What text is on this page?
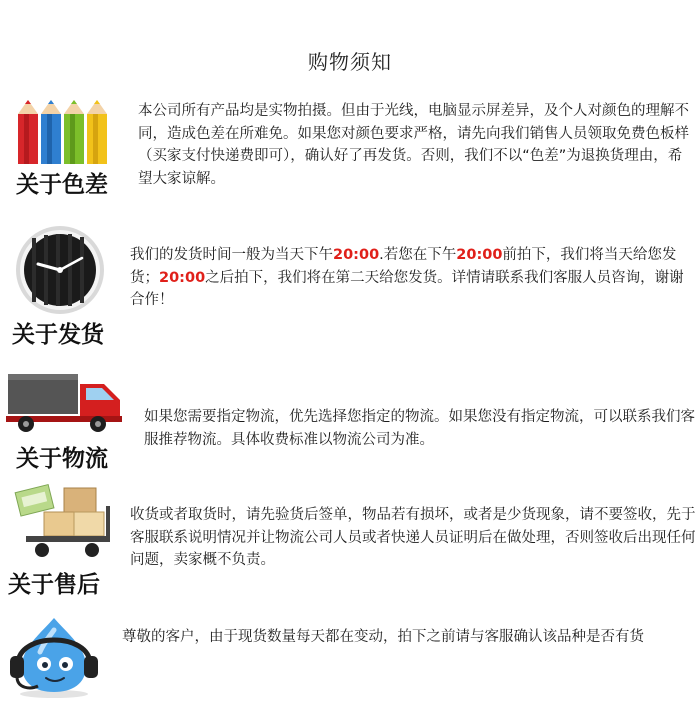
购物须知
关于色差
本公司所有产品均是实物拍摄。但由于光线，电脑显示屏差异，及个人对颜色的理解不同，造成色差在所难免。如果您对颜色要求严格，请先向我们销售人员领取免费色板样（买家支付快递费即可），确认好了再发货。否则，我们不以“色差”为退换货理由，希望大家谅解。
关于发货
我们的发货时间一般为当天下午20:00.若您在下午20:00前拍下，我们将当天给您发货；20:00之后拍下，我们将在第二天给您发货。详情请联系我们客服人员咨询，谢谢合作！
关于物流
如果您需要指定物流，优先选择您指定的物流。如果您没有指定物流，可以联系我们客服推荐物流。具体收费标准以物流公司为准。
关于售后
收货或者取货时，请先验货后签单，物品若有损坏，或者是少货现象，请不要签收，先于客服联系说明情况并让物流公司人员或者快递人员证明后在做处理，否则签收后出现任何问题，卖家概不负责。
尊敬的客户，由于现货数量每天都在变动，拍下之前请与客服确认该品种是否有货
